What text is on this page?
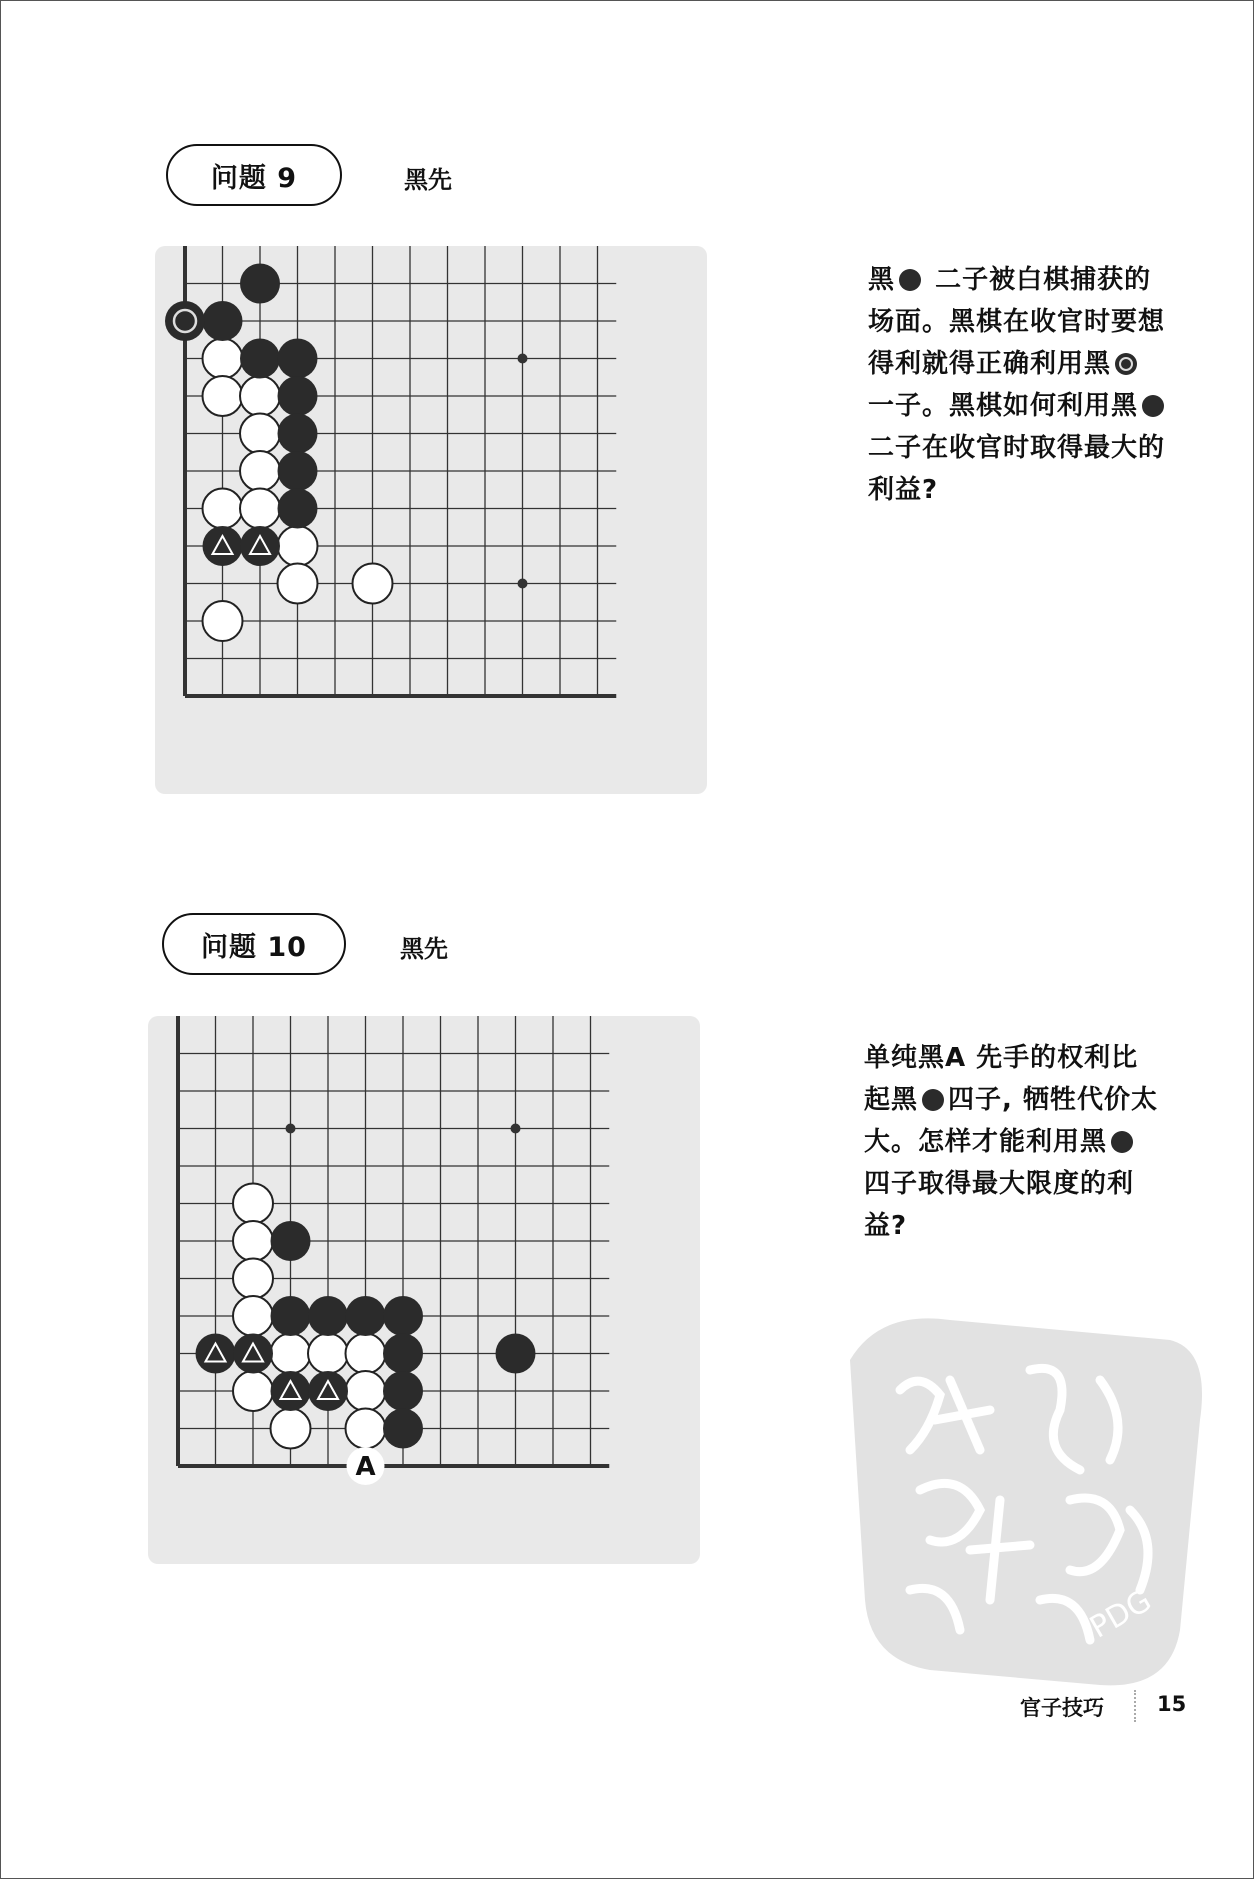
问题 9	黑先
黑 二子被白棋捕获的场面。黑棋在收官时要想得利就得正确利用黑 一子。黑棋如何利用黑 二子在收官时取得最大的利益?
问题 10	黑先
A
单纯黑A 先手的权利比起黑 四子, 牺牲代价太大。怎样才能利用黑 四子取得最大限度的利益?
PDG
官子技巧	15
